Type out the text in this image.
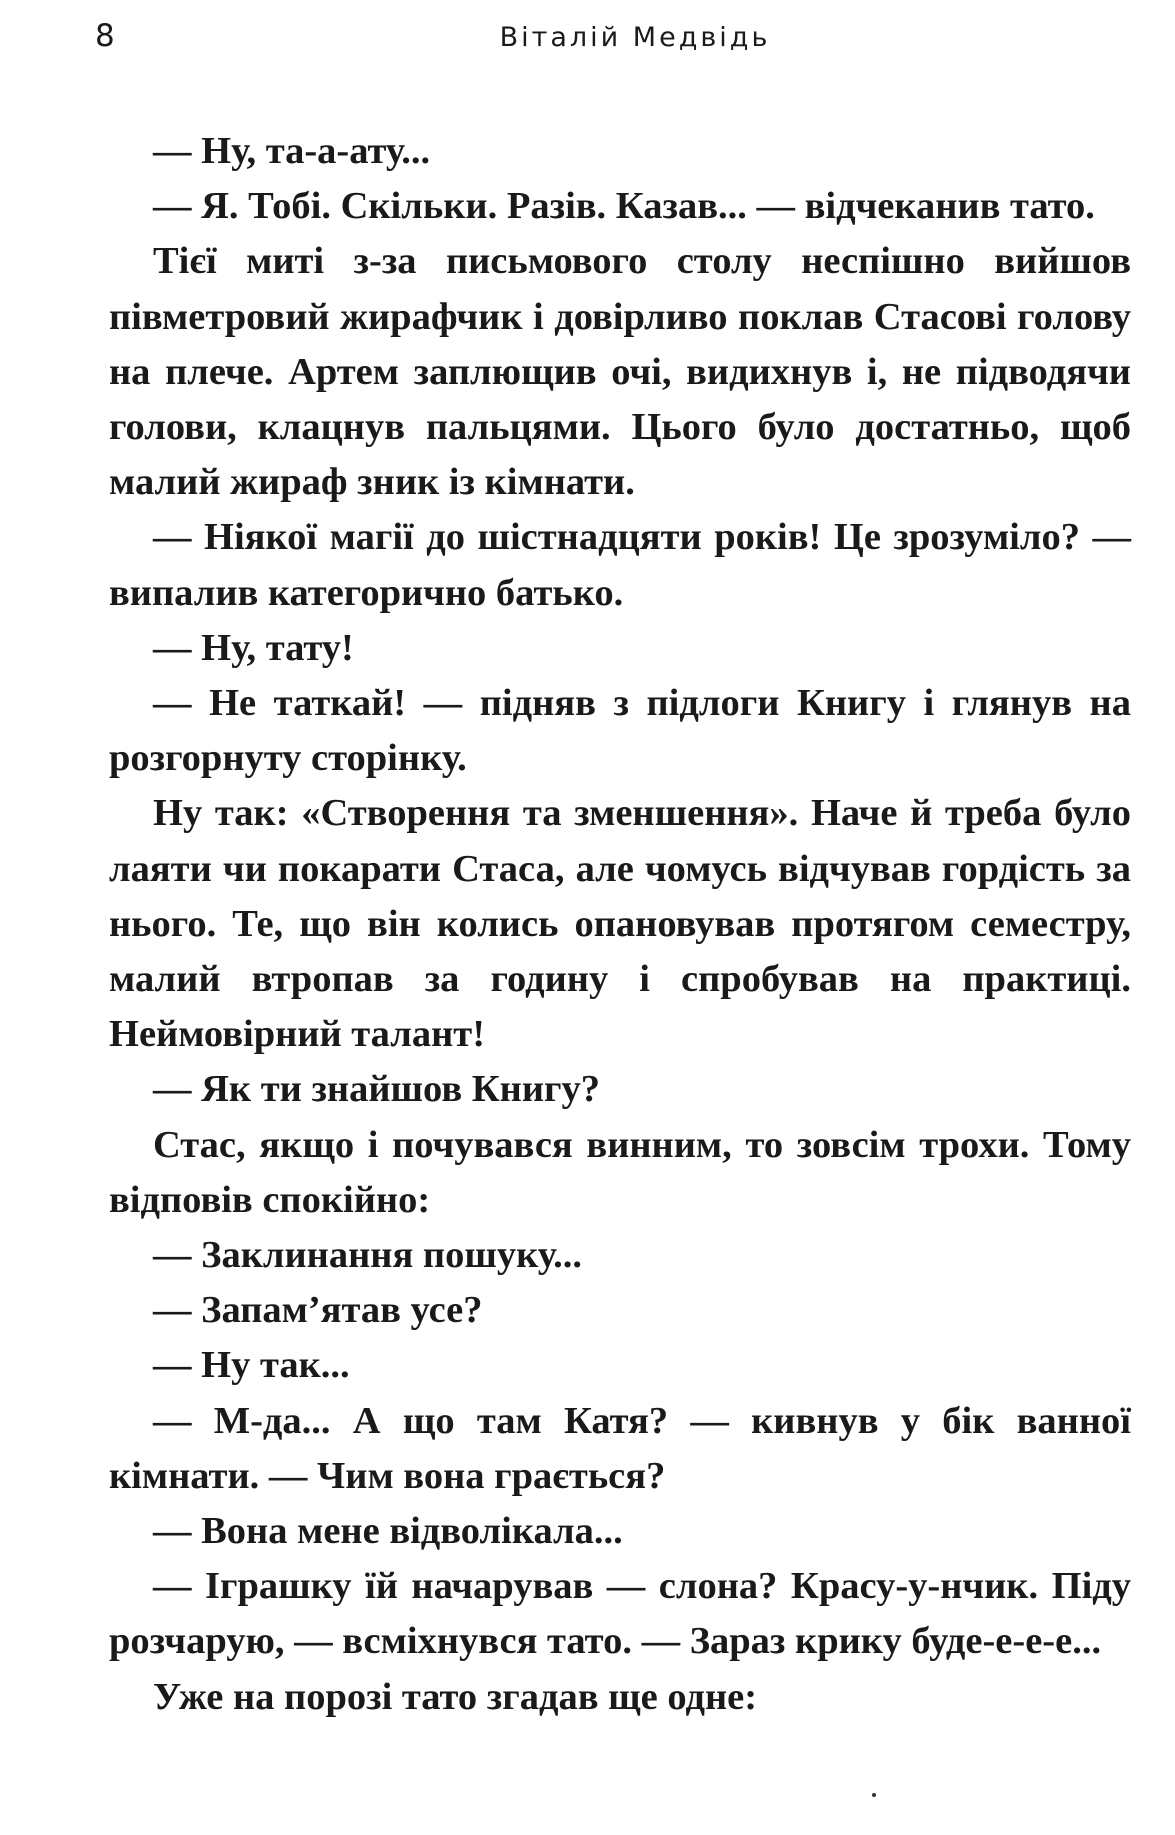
8	Віталій Медвідь

— Ну, та-а-ату...

— Я. Тобі. Скільки. Разів. Казав... — відчеканив тато.

Тієї миті з-за письмового столу неспішно вийшов півметровий жирафчик і довірливо поклав Стасові голову на плече. Артем заплющив очі, видихнув і, не підводячи голови, клацнув пальцями. Цього було достатньо, щоб малий жираф зник із кімнати.

— Ніякої магії до шістнадцяти років! Це зрозуміло? — випалив категорично батько.

— Ну, тату!

— Не таткай! — підняв з підлоги Книгу і глянув на розгорнуту сторінку.

Ну так: «Створення та зменшення». Наче й треба було лаяти чи покарати Стаса, але чомусь відчував гордість за нього. Те, що він колись опановував протягом семестру, малий втропав за годину і спробував на практиці. Неймовірний талант!

— Як ти знайшов Книгу?

Стас, якщо і почувався винним, то зовсім трохи. Тому відповів спокійно:

— Заклинання пошуку...

— Запам’ятав усе?

— Ну так...

— М-да... А що там Катя? — кивнув у бік ванної кімнати. — Чим вона грається?

— Вона мене відволікала...

— Іграшку їй начарував — слона? Красу-у-нчик. Піду розчарую, — всміхнувся тато. — Зараз крику буде-е-е-е...

Уже на порозі тато згадав ще одне:
